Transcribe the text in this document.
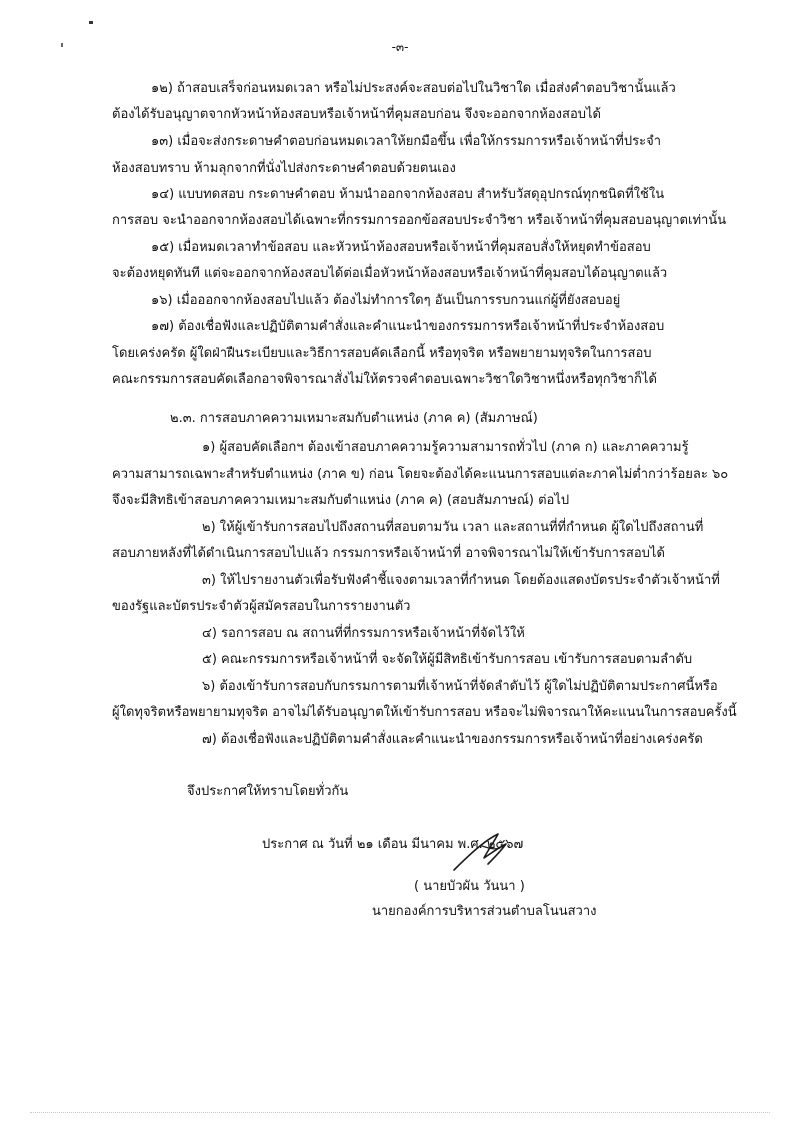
-๓-
๑๒) ถ้าสอบเสร็จก่อนหมดเวลา หรือไม่ประสงค์จะสอบต่อไปในวิชาใด เมื่อส่งคำตอบวิชานั้นแล้ว
ต้องได้รับอนุญาตจากหัวหน้าห้องสอบหรือเจ้าหน้าที่คุมสอบก่อน จึงจะออกจากห้องสอบได้
๑๓) เมื่อจะส่งกระดาษคำตอบก่อนหมดเวลาให้ยกมือขึ้น เพื่อให้กรรมการหรือเจ้าหน้าที่ประจำ
ห้องสอบทราบ ห้ามลุกจากที่นั่งไปส่งกระดาษคำตอบด้วยตนเอง
๑๔) แบบทดสอบ กระดาษคำตอบ ห้ามนำออกจากห้องสอบ สำหรับวัสดุอุปกรณ์ทุกชนิดที่ใช้ใน
การสอบ จะนำออกจากห้องสอบได้เฉพาะที่กรรมการออกข้อสอบประจำวิชา หรือเจ้าหน้าที่คุมสอบอนุญาตเท่านั้น
๑๕) เมื่อหมดเวลาทำข้อสอบ และหัวหน้าห้องสอบหรือเจ้าหน้าที่คุมสอบสั่งให้หยุดทำข้อสอบ
จะต้องหยุดทันที แต่จะออกจากห้องสอบได้ต่อเมื่อหัวหน้าห้องสอบหรือเจ้าหน้าที่คุมสอบได้อนุญาตแล้ว
๑๖) เมื่อออกจากห้องสอบไปแล้ว ต้องไม่ทำการใดๆ อันเป็นการรบกวนแก่ผู้ที่ยังสอบอยู่
๑๗) ต้องเชื่อฟังและปฏิบัติตามคำสั่งและคำแนะนำของกรรมการหรือเจ้าหน้าที่ประจำห้องสอบ
โดยเคร่งครัด ผู้ใดฝ่าฝืนระเบียบและวิธีการสอบคัดเลือกนี้ หรือทุจริต หรือพยายามทุจริตในการสอบ
คณะกรรมการสอบคัดเลือกอาจพิจารณาสั่งไม่ให้ตรวจคำตอบเฉพาะวิชาใดวิชาหนึ่งหรือทุกวิชาก็ได้
๒.๓. การสอบภาคความเหมาะสมกับตำแหน่ง (ภาค ค) (สัมภาษณ์)
๑) ผู้สอบคัดเลือกฯ ต้องเข้าสอบภาคความรู้ความสามารถทั่วไป (ภาค ก) และภาคความรู้
ความสามารถเฉพาะสำหรับตำแหน่ง (ภาค ข) ก่อน โดยจะต้องได้คะแนนการสอบแต่ละภาคไม่ต่ำกว่าร้อยละ ๖๐
จึงจะมีสิทธิเข้าสอบภาคความเหมาะสมกับตำแหน่ง (ภาค ค) (สอบสัมภาษณ์) ต่อไป
๒) ให้ผู้เข้ารับการสอบไปถึงสถานที่สอบตามวัน เวลา และสถานที่ที่กำหนด ผู้ใดไปถึงสถานที่
สอบภายหลังที่ได้ดำเนินการสอบไปแล้ว กรรมการหรือเจ้าหน้าที่ อาจพิจารณาไม่ให้เข้ารับการสอบได้
๓) ให้ไปรายงานตัวเพื่อรับฟังคำชี้แจงตามเวลาที่กำหนด โดยต้องแสดงบัตรประจำตัวเจ้าหน้าที่
ของรัฐและบัตรประจำตัวผู้สมัครสอบในการรายงานตัว
๔) รอการสอบ ณ สถานที่ที่กรรมการหรือเจ้าหน้าที่จัดไว้ให้
๕) คณะกรรมการหรือเจ้าหน้าที่ จะจัดให้ผู้มีสิทธิเข้ารับการสอบ เข้ารับการสอบตามลำดับ
๖) ต้องเข้ารับการสอบกับกรรมการตามที่เจ้าหน้าที่จัดลำดับไว้ ผู้ใดไม่ปฏิบัติตามประกาศนี้หรือ
ผู้ใดทุจริตหรือพยายามทุจริต อาจไม่ได้รับอนุญาตให้เข้ารับการสอบ หรือจะไม่พิจารณาให้คะแนนในการสอบครั้งนี้
๗) ต้องเชื่อฟังและปฏิบัติตามคำสั่งและคำแนะนำของกรรมการหรือเจ้าหน้าที่อย่างเคร่งครัด
จึงประกาศให้ทราบโดยทั่วกัน
ประกาศ ณ วันที่ ๒๑ เดือน มีนาคม พ.ศ. ๒๕๖๗
( นายบัวผัน วันนา )
นายกองค์การบริหารส่วนตำบลโนนสวาง
